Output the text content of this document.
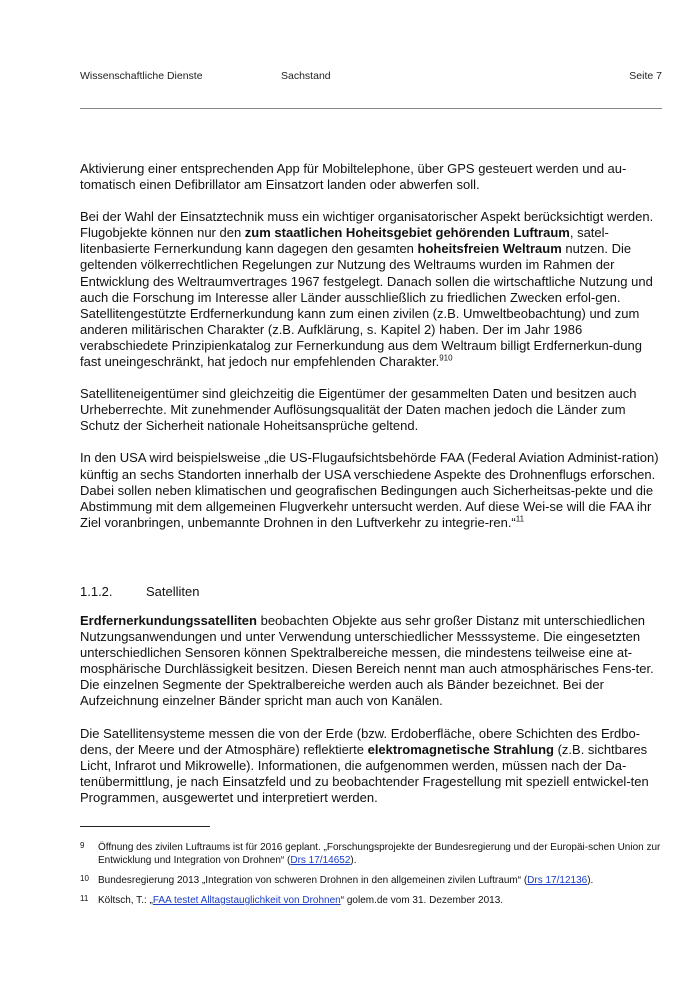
Wissenschaftliche Dienste	Sachstand	Seite 7

Aktivierung einer entsprechenden App für Mobiltelephone, über GPS gesteuert werden und au-tomatisch einen Defibrillator am Einsatzort landen oder abwerfen soll.

Bei der Wahl der Einsatztechnik muss ein wichtiger organisatorischer Aspekt berücksichtigt werden. Flugobjekte können nur den zum staatlichen Hoheitsgebiet gehörenden Luftraum, satel-litenbasierte Fernerkundung kann dagegen den gesamten hoheitsfreien Weltraum nutzen. Die geltenden völkerrechtlichen Regelungen zur Nutzung des Weltraums wurden im Rahmen der Entwicklung des Weltraumvertrages 1967 festgelegt. Danach sollen die wirtschaftliche Nutzung und auch die Forschung im Interesse aller Länder ausschließlich zu friedlichen Zwecken erfol-gen. Satellitengestützte Erdfernerkundung kann zum einen zivilen (z.B. Umweltbeobachtung) und zum anderen militärischen Charakter (z.B. Aufklärung, s. Kapitel 2) haben. Der im Jahr 1986 verabschiedete Prinzipienkatalog zur Fernerkundung aus dem Weltraum billigt Erdfernerkun-dung fast uneingeschränkt, hat jedoch nur empfehlenden Charakter.$^{910}$

Satelliteneigentümer sind gleichzeitig die Eigentümer der gesammelten Daten und besitzen auch Urheberrechte. Mit zunehmender Auflösungsqualität der Daten machen jedoch die Länder zum Schutz der Sicherheit nationale Hoheitsansprüche geltend.

In den USA wird beispielsweise „die US-Flugaufsichtsbehörde FAA (Federal Aviation Administ-ration) künftig an sechs Standorten innerhalb der USA verschiedene Aspekte des Drohnenflugs erforschen. Dabei sollen neben klimatischen und geografischen Bedingungen auch Sicherheitsas-pekte und die Abstimmung mit dem allgemeinen Flugverkehr untersucht werden. Auf diese Wei-se will die FAA ihr Ziel voranbringen, unbemannte Drohnen in den Luftverkehr zu integrie-ren.“$^{11}$

1.1.2.	Satelliten

Erdfernerkundungssatelliten beobachten Objekte aus sehr großer Distanz mit unterschiedlichen Nutzungsanwendungen und unter Verwendung unterschiedlicher Messsysteme. Die eingesetzten unterschiedlichen Sensoren können Spektralbereiche messen, die mindestens teilweise eine at-mosphärische Durchlässigkeit besitzen. Diesen Bereich nennt man auch atmosphärisches Fens-ter. Die einzelnen Segmente der Spektralbereiche werden auch als Bänder bezeichnet. Bei der Aufzeichnung einzelner Bänder spricht man auch von Kanälen.

Die Satellitensysteme messen die von der Erde (bzw. Erdoberfläche, obere Schichten des Erdbo-dens, der Meere und der Atmosphäre) reflektierte elektromagnetische Strahlung (z.B. sichtbares Licht, Infrarot und Mikrowelle). Informationen, die aufgenommen werden, müssen nach der Da-tenübermittlung, je nach Einsatzfeld und zu beobachtender Fragestellung mit speziell entwickel-ten Programmen, ausgewertet und interpretiert werden.

9 Öffnung des zivilen Luftraums ist für 2016 geplant. „Forschungsprojekte der Bundesregierung und der Europäi-schen Union zur Entwicklung und Integration von Drohnen“ (Drs 17/14652).
10 Bundesregierung 2013 „Integration von schweren Drohnen in den allgemeinen zivilen Luftraum“ (Drs 17/12136).
11 Költsch, T.: „FAA testet Alltagstauglichkeit von Drohnen“ golem.de vom 31. Dezember 2013.
